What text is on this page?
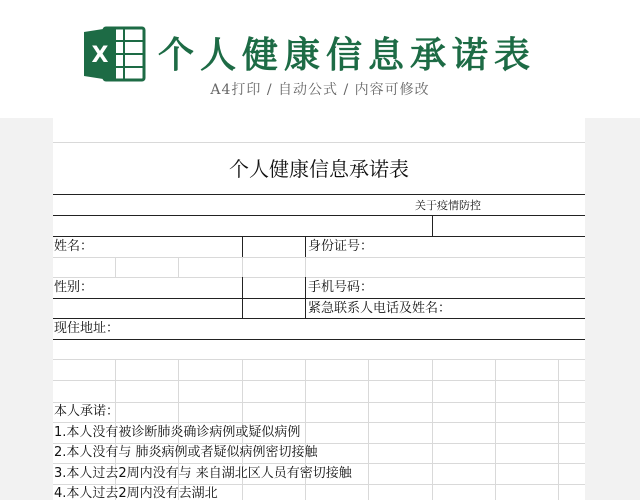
X 个人健康信息承诺表
A4打印 / 自动公式 / 内容可修改
个人健康信息承诺表
关于疫情防控
姓名：	身份证号：
性别：	手机号码：
紧急联系人电话及姓名：
现住地址：
本人承诺：
1.本人没有被诊断肺炎确诊病例或疑似病例
2.本人没有与 肺炎病例或者疑似病例密切接触
3.本人过去2周内没有与 来自湖北区人员有密切接触
4.本人过去2周内没有去湖北
